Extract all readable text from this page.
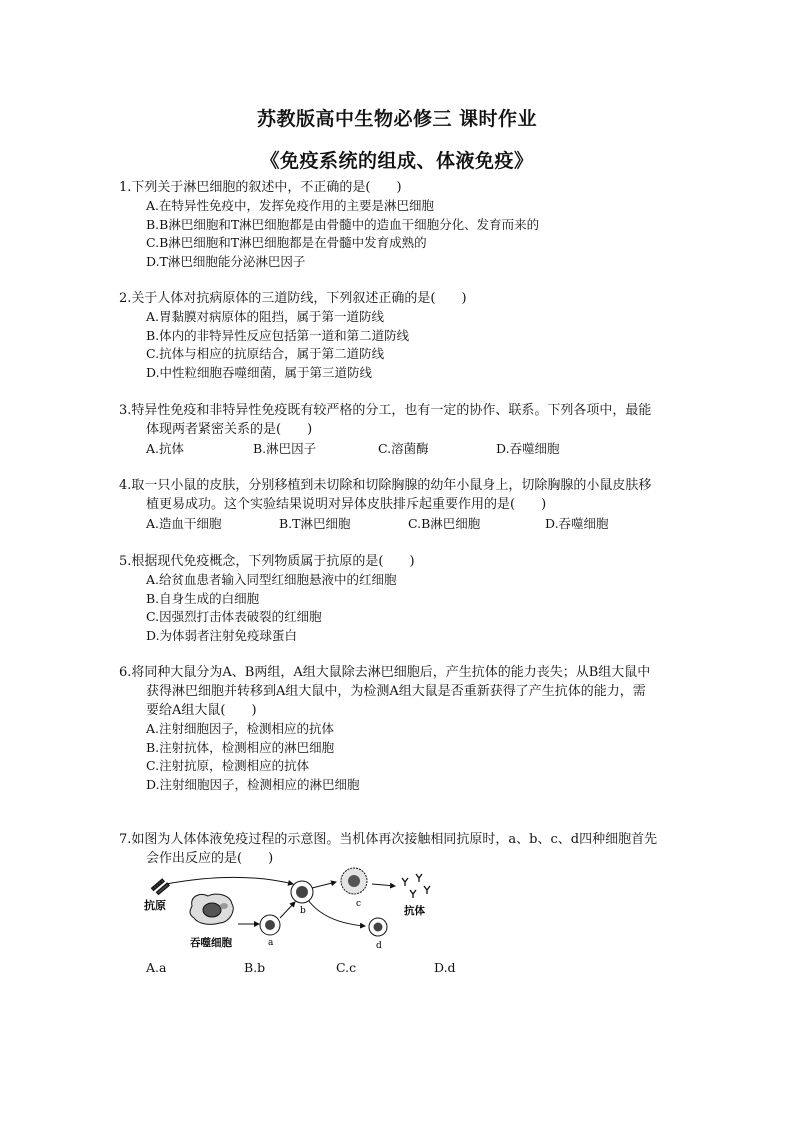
苏教版高中生物必修三 课时作业
《免疫系统的组成、体液免疫》
1.下列关于淋巴细胞的叙述中，不正确的是(　　)
A.在特异性免疫中，发挥免疫作用的主要是淋巴细胞
B.B淋巴细胞和T淋巴细胞都是由骨髓中的造血干细胞分化、发育而来的
C.B淋巴细胞和T淋巴细胞都是在骨髓中发育成熟的
D.T淋巴细胞能分泌淋巴因子
2.关于人体对抗病原体的三道防线，下列叙述正确的是(　　)
A.胃黏膜对病原体的阻挡，属于第一道防线
B.体内的非特异性反应包括第一道和第二道防线
C.抗体与相应的抗原结合，属于第二道防线
D.中性粒细胞吞噬细菌，属于第三道防线
3.特异性免疫和非特异性免疫既有较严格的分工，也有一定的协作、联系。下列各项中，最能
体现两者紧密关系的是(　　)
A.抗体	B.淋巴因子	C.溶菌酶	D.吞噬细胞
4.取一只小鼠的皮肤，分别移植到未切除和切除胸腺的幼年小鼠身上，切除胸腺的小鼠皮肤移
植更易成功。这个实验结果说明对异体皮肤排斥起重要作用的是(　　)
A.造血干细胞	B.T淋巴细胞	C.B淋巴细胞	D.吞噬细胞
5.根据现代免疫概念，下列物质属于抗原的是(　　)
A.给贫血患者输入同型红细胞悬液中的红细胞
B.自身生成的白细胞
C.因强烈打击体表破裂的红细胞
D.为体弱者注射免疫球蛋白
6.将同种大鼠分为A、B两组，A组大鼠除去淋巴细胞后，产生抗体的能力丧失；从B组大鼠中
获得淋巴细胞并转移到A组大鼠中，为检测A组大鼠是否重新获得了产生抗体的能力，需
要给A组大鼠(　　)
A.注射细胞因子，检测相应的抗体
B.注射抗体，检测相应的淋巴细胞
C.注射抗原，检测相应的抗体
D.注射细胞因子，检测相应的淋巴细胞
7.如图为人体体液免疫过程的示意图。当机体再次接触相同抗原时，a、b、c、d四种细胞首先
会作出反应的是(　　)
抗原
吞噬细胞	a
b
c
d
抗体
A.a	B.b	C.c	D.d
